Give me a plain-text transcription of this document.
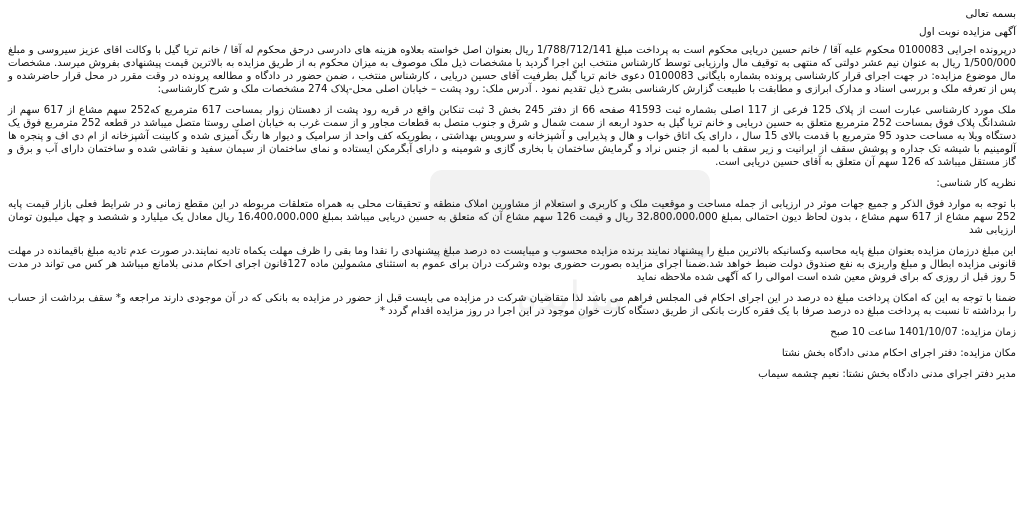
مزایده

بسمه تعالی

آگهی مزایده نوبت اول

درپرونده اجرایی 0100083 محکوم علیه آقا / خانم حسین دریایی محکوم است به پرداخت مبلغ 1/788/712/141 ریال بعنوان اصل خواسته بعلاوه هزینه های دادرسی درحق محکوم له آقا / خانم تریا گیل با وکالت اقای عزیز سیروسی و مبلغ 1/500/000 ریال به عنوان نیم عشر دولتی که منتهی به توقیف مال وارزیابی توسط کارشناس منتخب این اجرا گردید با مشخصات ذیل ملک موصوف به میزان محکوم به از طریق مزایده به بالاترین قیمت پیشنهادی بفروش میرسد. مشخصات مال موضوع مزایده: در جهت اجرای قرار کارشناسی پرونده بشماره بایگانی 0100083 دعوی خانم تریا گیل بطرفیت آقای حسین دریایی ، کارشناس منتخب ، ضمن حضور در دادگاه و مطالعه پرونده در وقت مقرر در محل قرار حاضرشده و پس از تعرفه ملک و بررسی اسناد و مدارک ابرازی و مطابقت با طبیعت گزارش کارشناسی بشرح ذیل تقدیم نمود . آدرس ملک: رود پشت – خیابان اصلی محل-پلاک 274 مشخصات ملک و شرح کارشناسی:

ملک مورد کارشناسی عبارت است از پلاک 125 فرعی از 117 اصلی بشماره ثبت 41593 صفحه 66 از دفتر 245 بخش 3 ثبت تنکابن واقع در قریه رود پشت از دهستان زوار بمساحت 617 مترمربع که252 سهم مشاع از 617 سهم از ششدانگ پلاک فوق بمساحت 252 مترمربع متعلق به حسین دریایی و خانم تریا گیل به حدود اربعه از سمت شمال و شرق و جنوب متصل به قطعات مجاور و از سمت غرب به خیابان اصلی روستا متصل میباشد در قطعه 252 مترمربع فوق یک دستگاه ویلا به مساحت حدود 95 مترمربع با قدمت بالای 15 سال ، دارای یک اتاق خواب و هال و پذیرایی و آشپزخانه و سرویس بهداشتی ، بطوریکه کف واحد از سرامیک و دیوار ها رنگ آمیزی شده و کابینت آشپزخانه از ام دی اف و پنجره ها آلومینیم با شیشه تک جداره و پوشش سقف از ایرانیت و زیر سقف با لمبه از جنس نراد و گرمایش ساختمان با بخاری گازی و شومینه و دارای آبگرمکن ایستاده و نمای ساختمان از سیمان سفید و نقاشی شده و ساختمان دارای آب و برق و گاز مستقل میباشد که 126 سهم آن متعلق به آقای حسین دریایی است.

نظریه کار شناسی:

با توجه به موارد فوق الذکر و جمیع جهات موثر در ارزیابی از جمله مساحت و موقعیت ملک و کاربری و استعلام از مشاورین املاک منطقه و تحقیقات محلی به همراه متعلقات مربوطه در این مقطع زمانی و در شرایط فعلی بازار قیمت پایه 252 سهم مشاع از 617 سهم مشاع ، بدون لحاظ دیون احتمالی بمبلغ 32،800،000،000 ریال و قیمت 126 سهم مشاع آن که متعلق به حسین دریایی میباشد بمبلغ 16،400،000،000 ریال معادل یک میلیارد و ششصد و چهل میلیون تومان ارزیابی شد

این مبلغ درزمان مزایده بعنوان مبلغ پایه محاسبه وکسانیکه بالاترین مبلغ را پیشنهاد نمایند برنده مزایده محسوب و میبایست ده درصد مبلغ پیشنهادی را نقدا وما بقی را ظرف مهلت یکماه تادیه نمایند.در صورت عدم تادیه مبلغ باقیمانده در مهلت قانونی مزایده ابطال و مبلغ واریزی به نفع صندوق دولت ضبط خواهد شد.ضمنا اجرای مزایده بصورت حضوری بوده وشرکت دران برای عموم به استثنای مشمولین ماده 127قانون اجرای احکام مدنی بلامانع میباشد هر کس می تواند در مدت 5 روز قبل از روزی که برای فروش معین شده است اموالی را که آگهی شده ملاحظه نماید

ضمنا با توجه به این که امکان پرداخت مبلغ ده درصد در این اجرای احکام فی المجلس فراهم می باشد لذا متقاضیان شرکت در مزایده می بایست قبل از حضور در مزایده به بانکی که در آن موجودی دارند مراجعه و* سقف برداشت از حساب را برداشته تا نسبت به پرداخت مبلغ ده درصد صرفا با یک فقره کارت بانکی از طریق دستگاه کارت خوان موجود در این اجرا در روز مزایده اقدام گردد *

زمان مزایده: 1401/10/07 ساعت 10 صبح

مکان مزایده: دفتر اجرای احکام مدنی دادگاه بخش نشتا

مدیر دفتر اجرای مدنی دادگاه بخش نشتا: نعیم چشمه سیماب
